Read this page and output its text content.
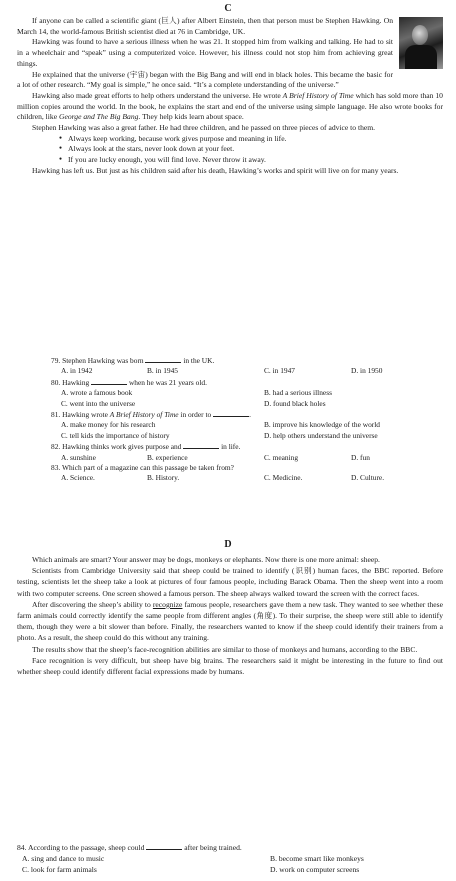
C

If anyone can be called a scientific giant (巨人) after Albert Einstein, then that person must be Stephen Hawking. On March 14, the world-famous British scientist died at 76 in Cambridge, UK.

Hawking was found to have a serious illness when he was 21. It stopped him from walking and talking. He had to sit in a wheelchair and “speak” using a computerized voice. However, his illness could not stop him from achieving great things.

He explained that the universe (宇宙) began with the Big Bang and will end in black holes. This became the basic for a lot of other research. “My goal is simple,” he once said. “It’s a complete understanding of the universe.”

Hawking also made great efforts to help others understand the universe. He wrote A Brief History of Time which has sold more than 10 million copies around the world. In the book, he explains the start and end of the universe using simple language. He also wrote books for children, like George and The Big Bang. They help kids learn about space.

Stephen Hawking was also a great father. He had three children, and he passed on three pieces of advice to them.

● Always keep working, because work gives purpose and meaning in life.

● Always look at the stars, never look down at your feet.

● If you are lucky enough, you will find love. Never throw it away.

Hawking has left us. But just as his children said after his death, Hawking’s works and spirit will live on for many years.

79. Stephen Hawking was born	in the UK.

A. in 1942	B. in 1945	C. in 1947	D. in 1950

80. Hawking	when he was 21 years old.

A. wrote a famous book	B. had a serious illness
C. went into the universe	D. found black holes

81. Hawking wrote A Brief History of Time in order to	.

A. make money for his research	B. improve his knowledge of the world
C. tell kids the importance of history	D. help others understand the universe

82. Hawking thinks work gives purpose and	in life.

A. sunshine	B. experience	C. meaning	D. fun

83. Which part of a magazine can this passage be taken from?

A. Science.	B. History.	C. Medicine.	D. Culture.
D

Which animals are smart? Your answer may be dogs, monkeys or elephants. Now there is one more animal: sheep.

Scientists from Cambridge University said that sheep could be trained to identify (识别) human faces, the BBC reported. Before testing, scientists let the sheep take a look at pictures of four famous people, including Barack Obama. Then the sheep went into a room with two computer screens. One screen showed a famous person. The sheep always walked toward the screen with the correct faces.

After discovering the sheep’s ability to recognize famous people, researchers gave them a new task. They wanted to see whether these farm animals could correctly identify the same people from different angles (角度). To their surprise, the sheep were still able to identify them, though they were a bit slower than before. Finally, the researchers wanted to know if the sheep could identify their trainers from a photo. As a result, the sheep could do this without any training.

The results show that the sheep’s face-recognition abilities are similar to those of monkeys and humans, according to the BBC.

Face recognition is very difficult, but sheep have big brains. The researchers said it might be interesting in the future to find out whether sheep could identify different facial expressions made by humans.

84. According to the passage, sheep could	after being trained.

A. sing and dance to music	B. become smart like monkeys
C. look for farm animals	D. work on computer screens
